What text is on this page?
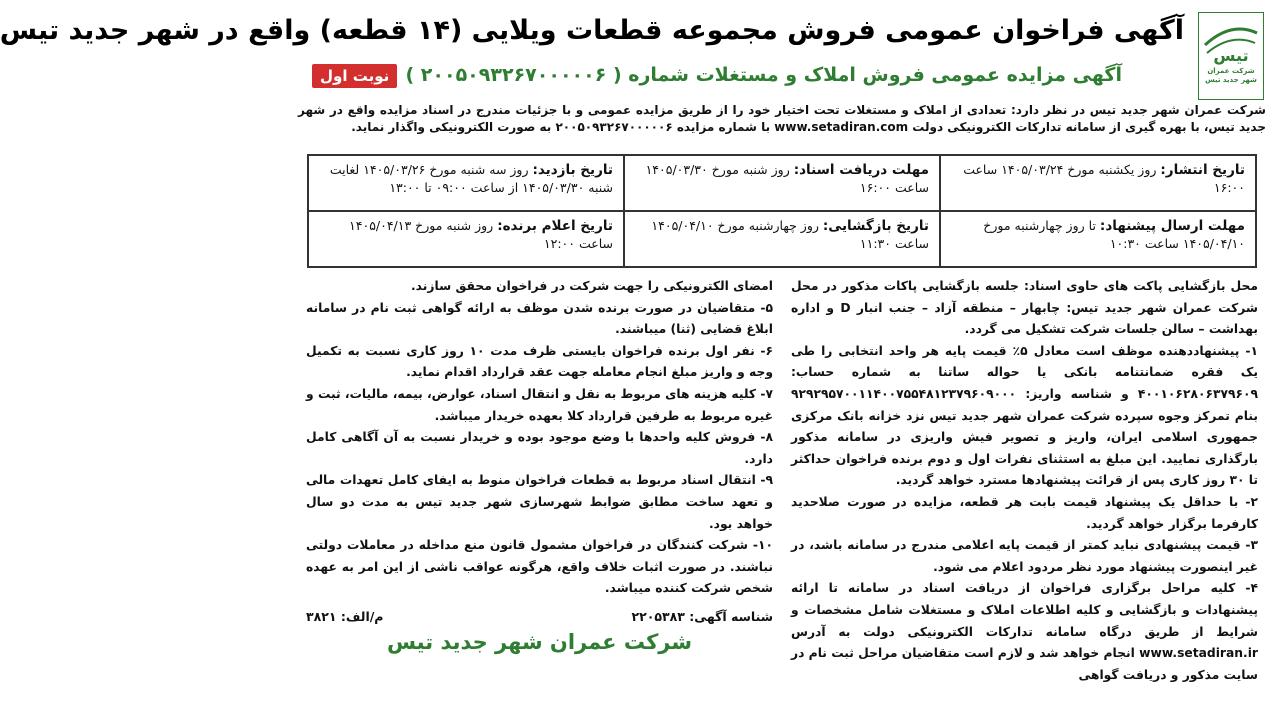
تیس
شرکت عمران شهر جدید تیس
آگهی فراخوان عمومی فروش مجموعه قطعات ویلایی (۱۴ قطعه) واقع در شهر جدید تیس
آگهی مزایده عمومی فروش املاک و مستغلات شماره ( ۲۰۰۵۰۹۳۲۶۷۰۰۰۰۰۶ )
نوبت اول
شرکت عمران شهر جدید تیس در نظر دارد: تعدادی از املاک و مستغلات تحت اختیار خود را از طریق مزایده عمومی و با جزئیات مندرج در اسناد مزایده واقع در شهر جدید تیس، با بهره گیری از سامانه تدارکات الکترونیکی دولت www.setadiran.com با شماره مزایده ۲۰۰۵۰۹۳۲۶۷۰۰۰۰۰۶ به صورت الکترونیکی واگذار نماید.
تاریخ انتشار: روز یکشنبه مورخ ۱۴۰۵/۰۳/۲۴ ساعت ۱۶:۰۰
مهلت دریافت اسناد: روز شنبه مورخ ۱۴۰۵/۰۳/۳۰ ساعت ۱۶:۰۰
تاریخ بازدید: روز سه شنبه مورخ ۱۴۰۵/۰۳/۲۶ لغایت شنبه ۱۴۰۵/۰۳/۳۰ از ساعت ۰۹:۰۰ تا ۱۳:۰۰
مهلت ارسال پیشنهاد: تا روز چهارشنبه مورخ ۱۴۰۵/۰۴/۱۰ ساعت ۱۰:۳۰
تاریخ بازگشایی: روز چهارشنبه مورخ ۱۴۰۵/۰۴/۱۰ ساعت ۱۱:۳۰
تاریخ اعلام برنده: روز شنبه مورخ ۱۴۰۵/۰۴/۱۳ ساعت ۱۲:۰۰

محل بازگشایی پاکت های حاوی اسناد: جلسه بازگشایی پاکات مذکور در محل شرکت عمران شهر جدید تیس: چابهار – منطقه آزاد – جنب انبار D و اداره بهداشت – سالن جلسات شرکت تشکیل می گردد.

۱- پیشنهاددهنده موظف است معادل ۵٪ قیمت پایه هر واحد انتخابی را طی یک فقره ضمانتنامه بانکی یا حواله ساتنا به شماره حساب: ۴۰۰۱۰۶۲۸۰۶۳۷۹۶۰۹ و شناسه واریز: ۹۲۹۲۹۵۷۰۰۱۱۴۰۰۷۵۵۴۸۱۲۳۷۹۶۰۹۰۰۰ بنام تمرکز وجوه سپرده شرکت عمران شهر جدید تیس نزد خزانه بانک مرکزی جمهوری اسلامی ایران، واریز و تصویر فیش واریزی در سامانه مذکور بارگذاری نمایید. این مبلغ به استثنای نفرات اول و دوم برنده فراخوان حداکثر تا ۳۰ روز کاری پس از قرائت پیشنهادها مسترد خواهد گردید.

۲- با حداقل یک پیشنهاد قیمت بابت هر قطعه، مزایده در صورت صلاحدید کارفرما برگزار خواهد گردید.

۳- قیمت پیشنهادی نباید کمتر از قیمت پایه اعلامی مندرج در سامانه باشد، در غیر اینصورت پیشنهاد مورد نظر مردود اعلام می شود.

۴- کلیه مراحل برگزاری فراخوان از دریافت اسناد در سامانه تا ارائه پیشنهادات و بازگشایی و کلیه اطلاعات املاک و مستغلات شامل مشخصات و شرایط از طریق درگاه سامانه تدارکات الکترونیکی دولت به آدرس www.setadiran.ir انجام خواهد شد و لازم است متقاضیان مراحل ثبت نام در سایت مذکور و دریافت گواهی

امضای الکترونیکی را جهت شرکت در فراخوان محقق سازند.

۵- متقاضیان در صورت برنده شدن موظف به ارائه گواهی ثبت نام در سامانه ابلاغ قضایی (ثنا) میباشند.

۶- نفر اول برنده فراخوان بایستی ظرف مدت ۱۰ روز کاری نسبت به تکمیل وجه و واریز مبلغ انجام معامله جهت عقد قرارداد اقدام نماید.

۷- کلیه هزینه های مربوط به نقل و انتقال اسناد، عوارض، بیمه، مالیات، ثبت و غیره مربوط به طرفین قرارداد کلا بعهده خریدار میباشد.

۸- فروش کلیه واحدها با وضع موجود بوده و خریدار نسبت به آن آگاهی کامل دارد.

۹- انتقال اسناد مربوط به قطعات فراخوان منوط به ایفای کامل تعهدات مالی و تعهد ساخت مطابق ضوابط شهرسازی شهر جدید تیس به مدت دو سال خواهد بود.

۱۰- شرکت کنندگان در فراخوان مشمول قانون منع مداخله در معاملات دولتی نباشند. در صورت اثبات خلاف واقع، هرگونه عواقب ناشی از این امر به عهده شخص شرکت کننده میباشد.

شناسه آگهی: ۲۲۰۵۳۸۳
م/الف: ۳۸۲۱
شرکت عمران شهر جدید تیس
